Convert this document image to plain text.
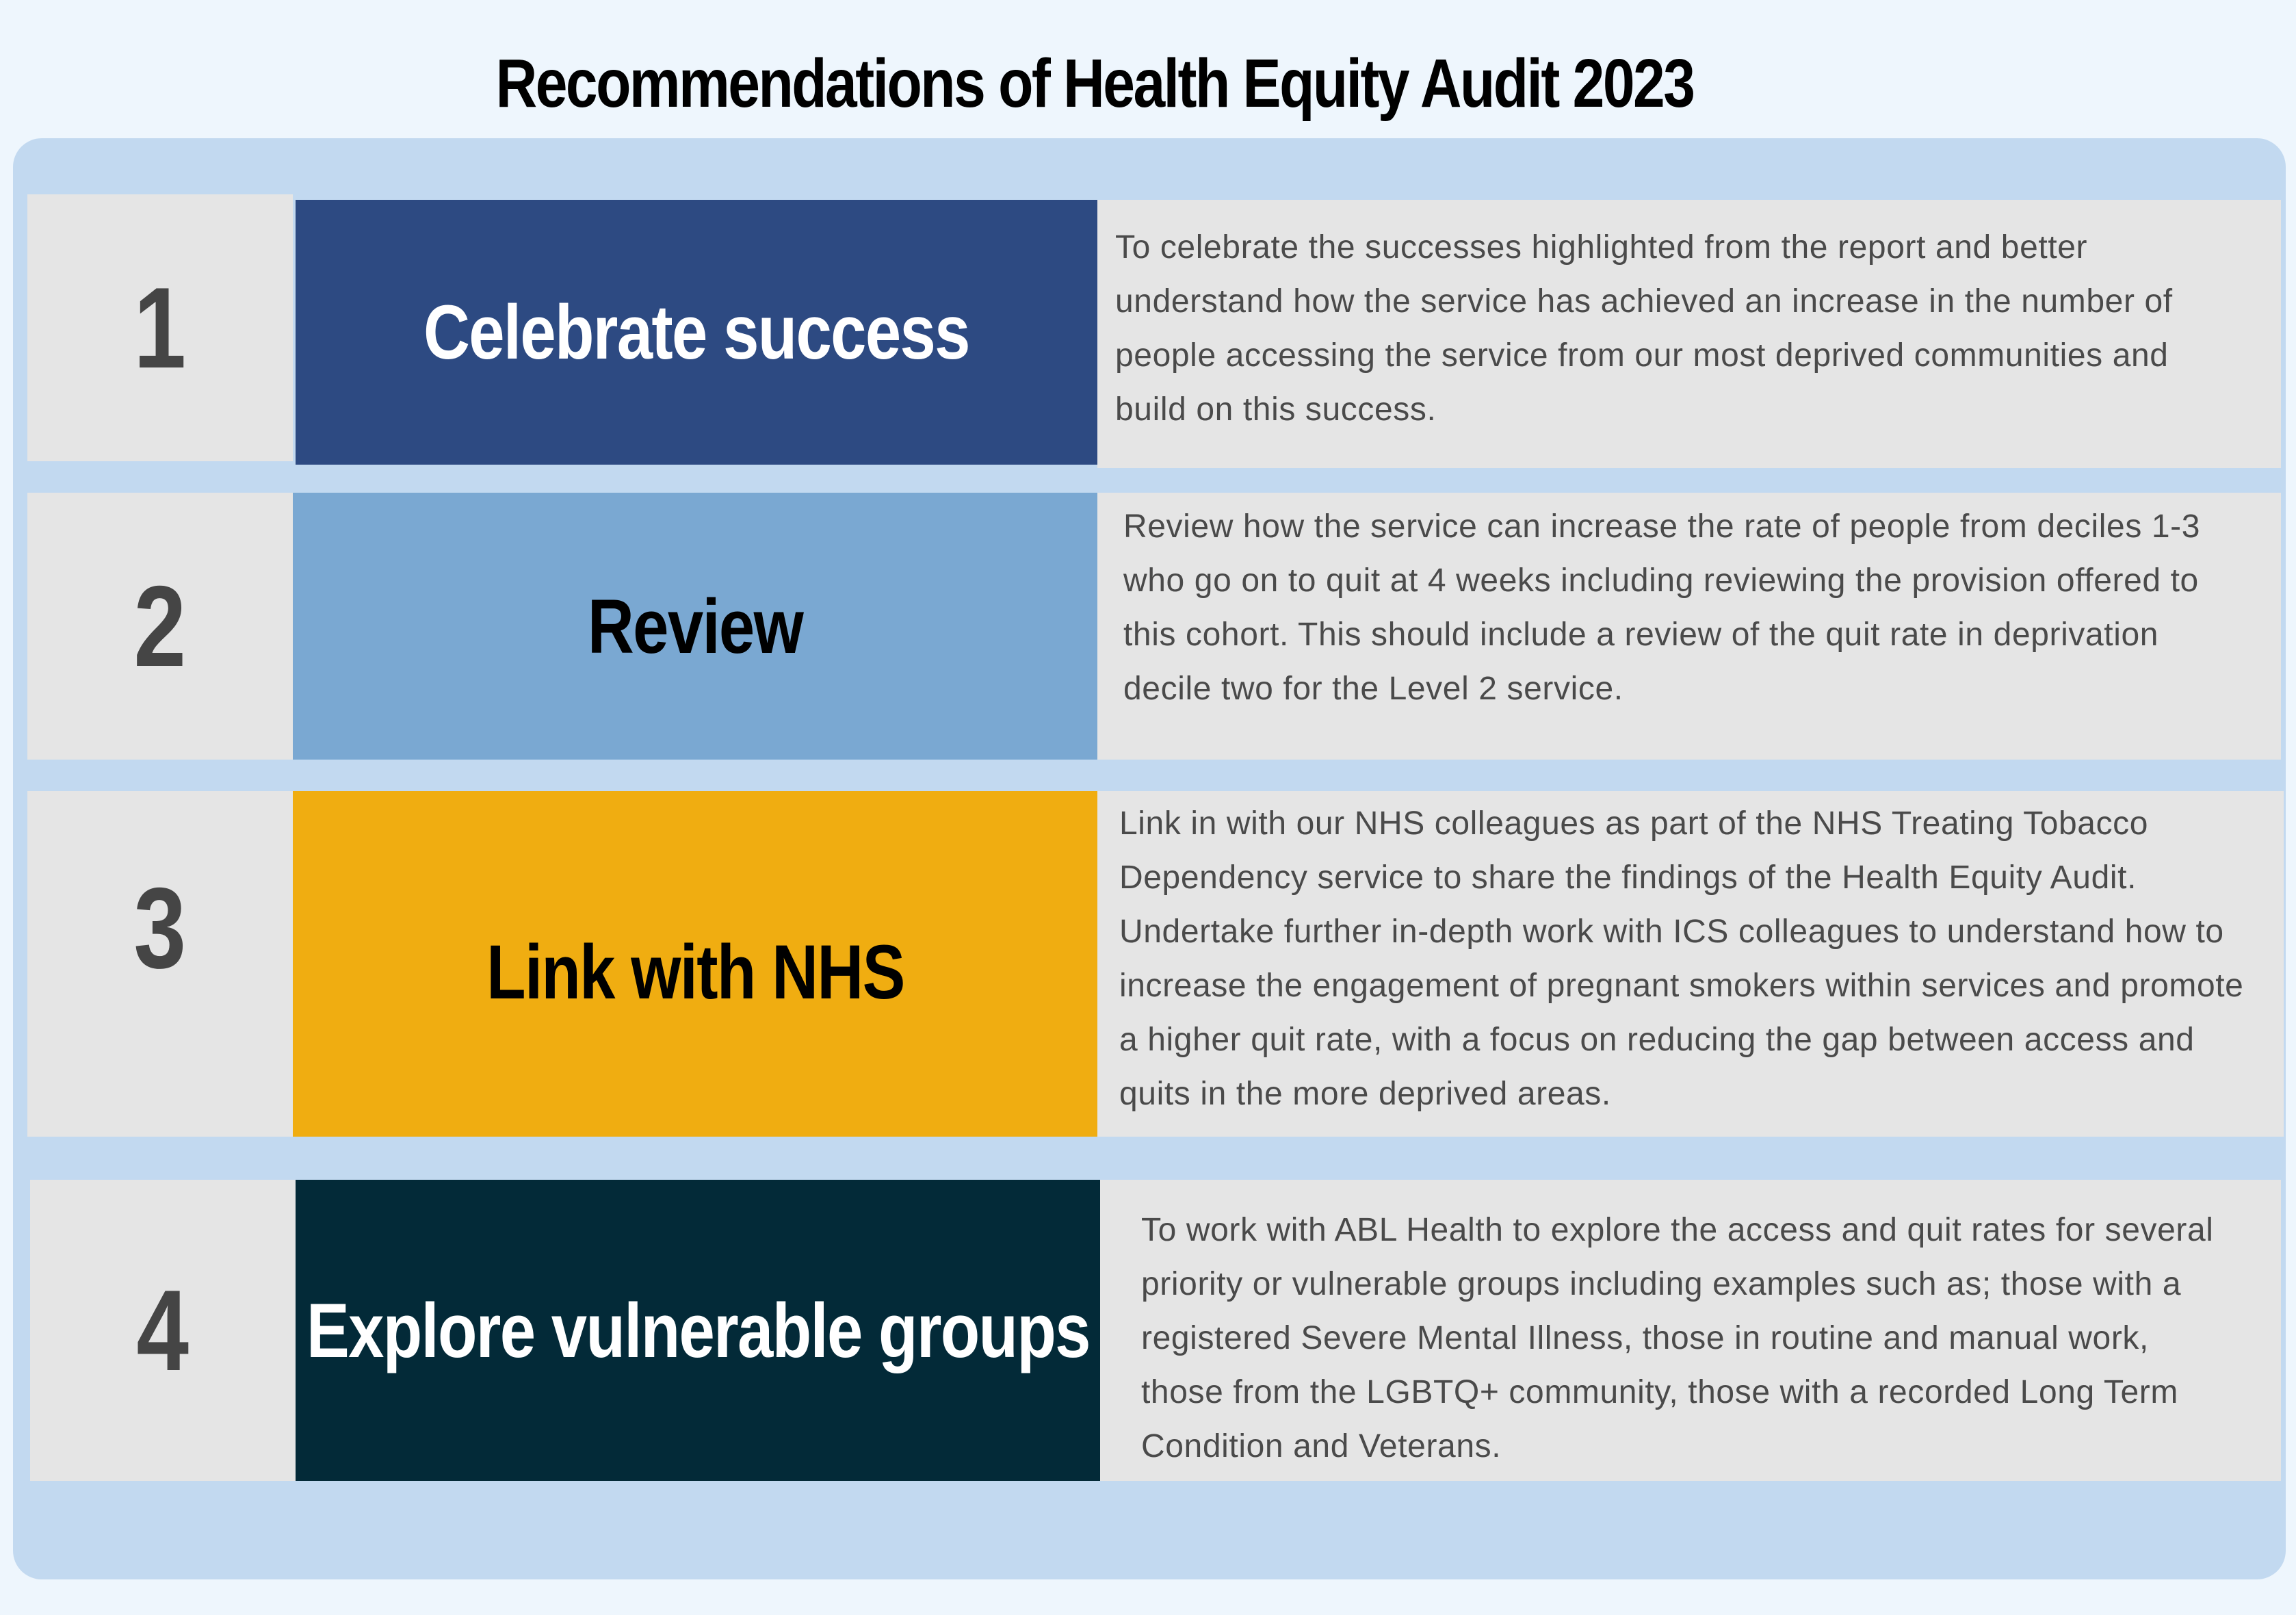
Recommendations of Health Equity Audit 2023
1	Celebrate success
To celebrate the successes highlighted from the report and better understand how the service has achieved an increase in the number of people accessing the service from our most deprived communities and build on this success.
2	Review
Review how the service can increase the rate of people from deciles 1-3 who go on to quit at 4 weeks including reviewing the provision offered to this cohort. This should include a review of the quit rate in deprivation decile two for the Level 2 service.
3	Link with NHS
Link in with our NHS colleagues as part of the NHS Treating Tobacco Dependency service to share the findings of the Health Equity Audit. Undertake further in-depth work with ICS colleagues to understand how to increase the engagement of pregnant smokers within services and promote a higher quit rate, with a focus on reducing the gap between access and quits in the more deprived areas.
4 Explore vulnerable groups
To work with ABL Health to explore the access and quit rates for several priority or vulnerable groups including examples such as; those with a registered Severe Mental Illness, those in routine and manual work, those from the LGBTQ+ community, those with a recorded Long Term Condition and Veterans.
